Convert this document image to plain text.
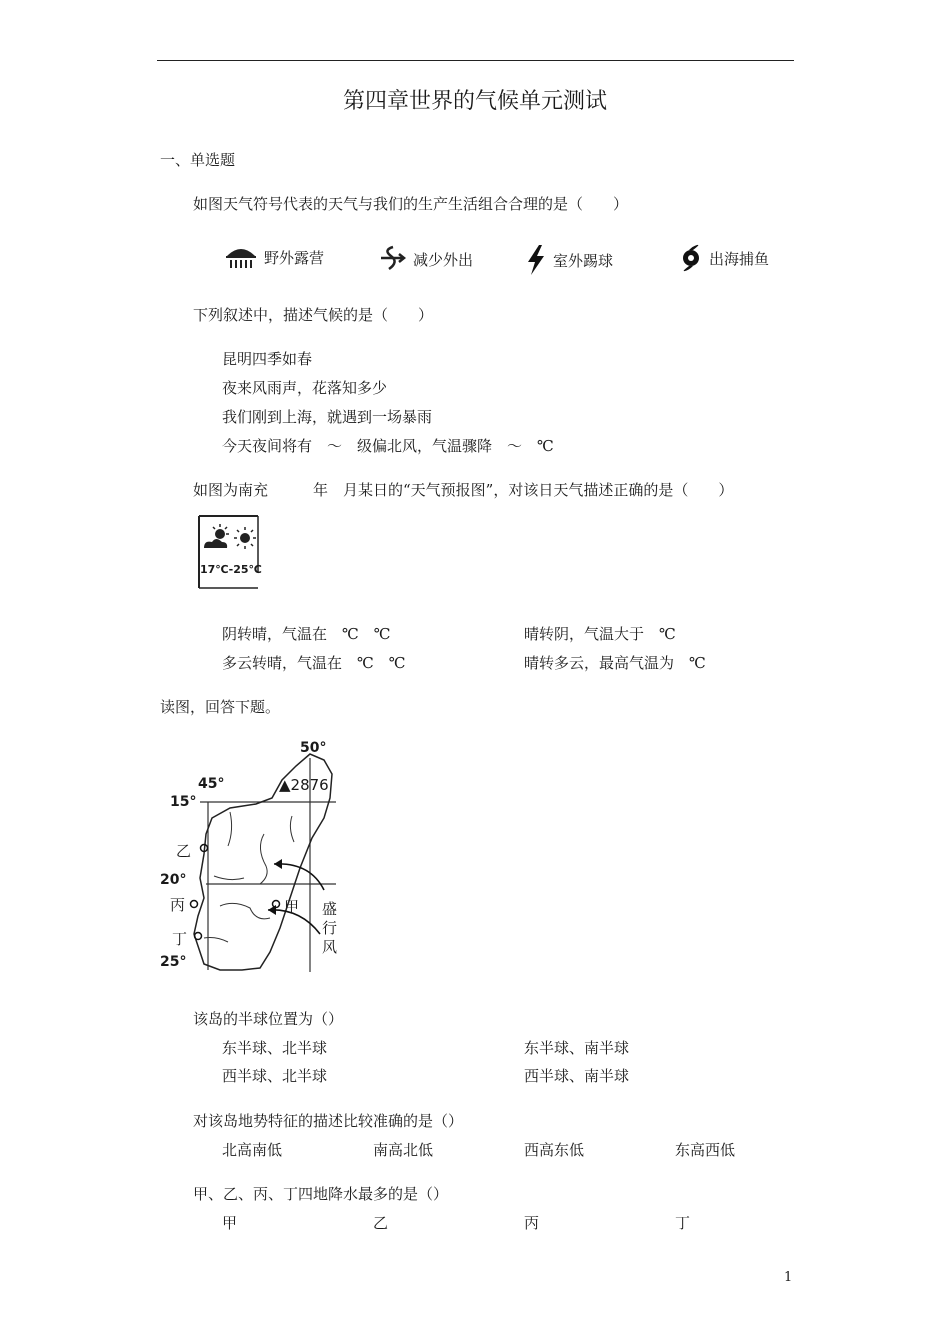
第四章世界的气候单元测试
一、单选题
如图天气符号代表的天气与我们的生产生活组合合理的是（　　）
野外露营	减少外出	室外踢球	出海捕鱼
下列叙述中，描述气候的是（　　）
昆明四季如春
夜来风雨声，花落知多少
我们刚到上海，就遇到一场暴雨
今天夜间将有　～　级偏北风，气温骤降　～　℃
如图为南充　　　年　月某日的“天气预报图”，对该日天气描述正确的是（　　）
17℃-25℃
阴转晴，气温在　℃　℃	晴转阴，气温大于　℃
多云转晴，气温在　℃　℃	晴转多云，最高气温为　℃
读图，回答下题。
50°
45°	▲2876
15°
乙
20°
丙	甲
丁
25°
盛
行
风
该岛的半球位置为（）
东半球、北半球	东半球、南半球
西半球、北半球	西半球、南半球
对该岛地势特征的描述比较准确的是（）
北高南低	南高北低	西高东低	东高西低
甲、乙、丙、丁四地降水最多的是（）
甲	乙	丙	丁
1
